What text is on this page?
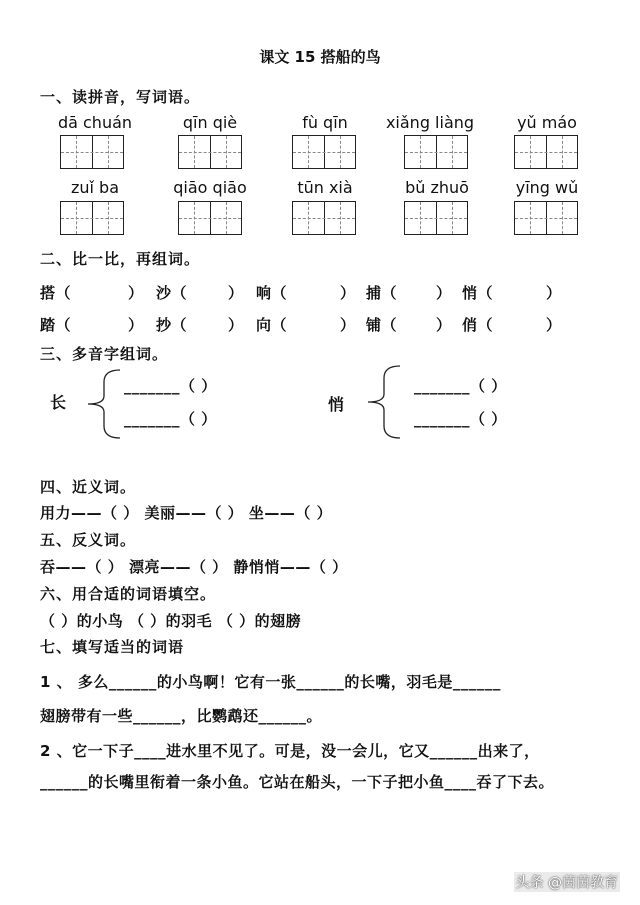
课文 15 搭船的鸟
一、读拼音，写词语。
dā chuán	qīn qiè	fù qīn	xiǎng liàng	yǔ máo
zuǐ ba	qiāo qiāo	tūn xià	bǔ zhuō	yīng wǔ
二、比一比，再组词。
搭（	） 沙（	） 响（	） 捕（	） 悄（	）
踏（	） 抄（	） 向（	） 铺（	） 俏（	）
三、多音字组词。
长
_______（ ）
_______（ ）
悄
_______（ ）
_______（ ）
四、近义词。
用力——（ ） 美丽——（ ） 坐——（ ）
五、反义词。
吞——（ ） 漂亮——（ ） 静悄悄——（ ）
六、用合适的词语填空。
（ ）的小鸟 （ ）的羽毛 （ ）的翅膀
七、填写适当的词语
1 、 多么______的小鸟啊！它有一张______的长嘴，羽毛是______
翅膀带有一些______，比鹦鹉还______。
2 、它一下子____进水里不见了。可是，没一会儿，它又______出来了，
______的长嘴里衔着一条小鱼。它站在船头，一下子把小鱼____吞了下去。
头条 @茵茵教育
